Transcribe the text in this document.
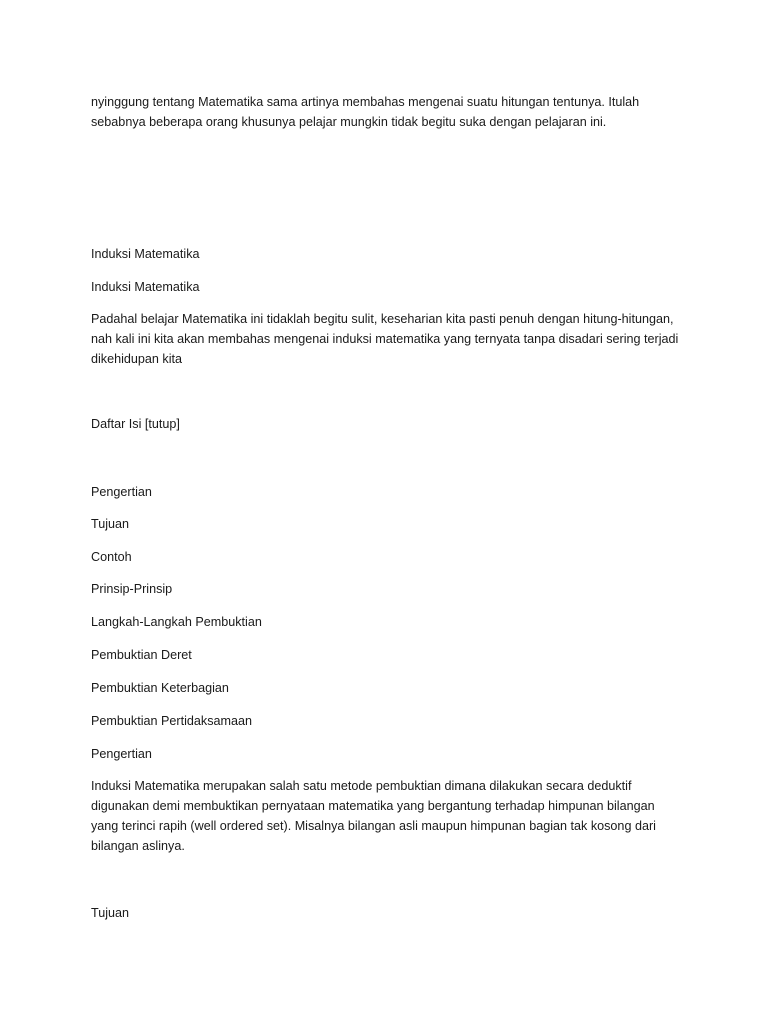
nyinggung tentang Matematika sama artinya membahas mengenai suatu hitungan tentunya. Itulah sebabnya beberapa orang khusunya pelajar mungkin tidak begitu suka dengan pelajaran ini.

Induksi Matematika

Induksi Matematika

Padahal belajar Matematika ini tidaklah begitu sulit, keseharian kita pasti penuh dengan hitung-hitungan, nah kali ini kita akan membahas mengenai induksi matematika yang ternyata tanpa disadari sering terjadi dikehidupan kita

Daftar Isi [tutup]

Pengertian

Tujuan

Contoh

Prinsip-Prinsip

Langkah-Langkah Pembuktian

Pembuktian Deret

Pembuktian Keterbagian

Pembuktian Pertidaksamaan

Pengertian

Induksi Matematika merupakan salah satu metode pembuktian dimana dilakukan secara deduktif digunakan demi membuktikan pernyataan matematika yang bergantung terhadap himpunan bilangan yang terinci rapih (well ordered set). Misalnya bilangan asli maupun himpunan bagian tak kosong dari bilangan aslinya.

Tujuan
